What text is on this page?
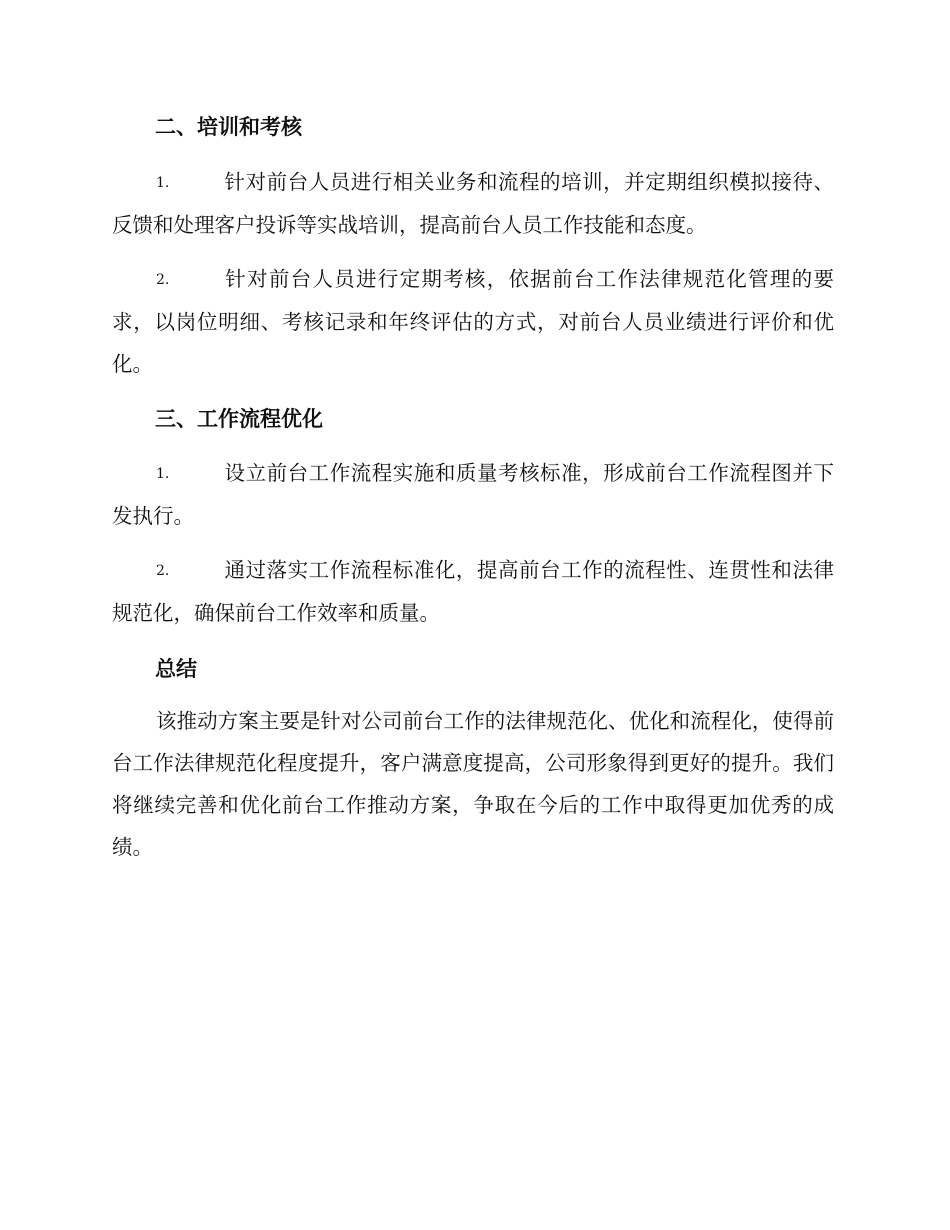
二、培训和考核

1.	针对前台人员进行相关业务和流程的培训，并定期组织模拟接待、反馈和处理客户投诉等实战培训，提高前台人员工作技能和态度。

2.	针对前台人员进行定期考核，依据前台工作法律规范化管理的要求，以岗位明细、考核记录和年终评估的方式，对前台人员业绩进行评价和优化。

三、工作流程优化

1.	设立前台工作流程实施和质量考核标准，形成前台工作流程图并下发执行。

2.	通过落实工作流程标准化，提高前台工作的流程性、连贯性和法律规范化，确保前台工作效率和质量。

总结

该推动方案主要是针对公司前台工作的法律规范化、优化和流程化，使得前台工作法律规范化程度提升，客户满意度提高，公司形象得到更好的提升。我们将继续完善和优化前台工作推动方案，争取在今后的工作中取得更加优秀的成绩。
